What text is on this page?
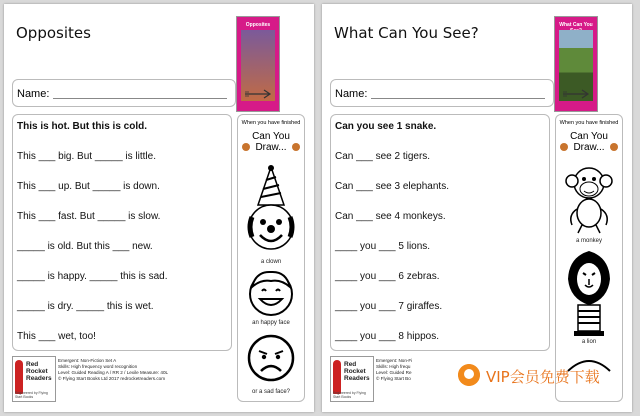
Opposites	Opposites
Name:
This is hot. But this is cold.
This ___ big. But _____ is little.
This ___ up. But _____ is down.
This ___ fast. But _____ is slow.
_____ is old. But this ___ new.
_____ is happy. _____ this is sad.
_____ is dry. _____ this is wet.
This ___ wet, too!
When you have finished
Can You Draw...
a clown
an happy face
or a sad face?
Red
Rocket
Readers
Engineered by Flying Start Books
Emergent: Non-Fiction Set A
Skills: High frequency word recognition
Level: Guided Reading A / RR 2 / Lexile Measure: 40L
© Flying Start Books Ltd 2017 redrocketreaders.com
What Can You See?	What Can You
Name:
Can you see 1 snake.
Can ___ see 2 tigers.
Can ___ see 3 elephants.
Can ___ see 4 monkeys.
____ you ___ 5 lions.
____ you ___ 6 zebras.
____ you ___ 7 giraffes.
____ you ___ 8 hippos.
When you have finished
Can You Draw...
a monkey
a lion
Red
Rocket
Readers
Engineered by Flying Start Books
Emergent: Non-Fi
Skills: High frequ
Level: Guided Re
© Flying Start Bo	VIP会员免费下载
